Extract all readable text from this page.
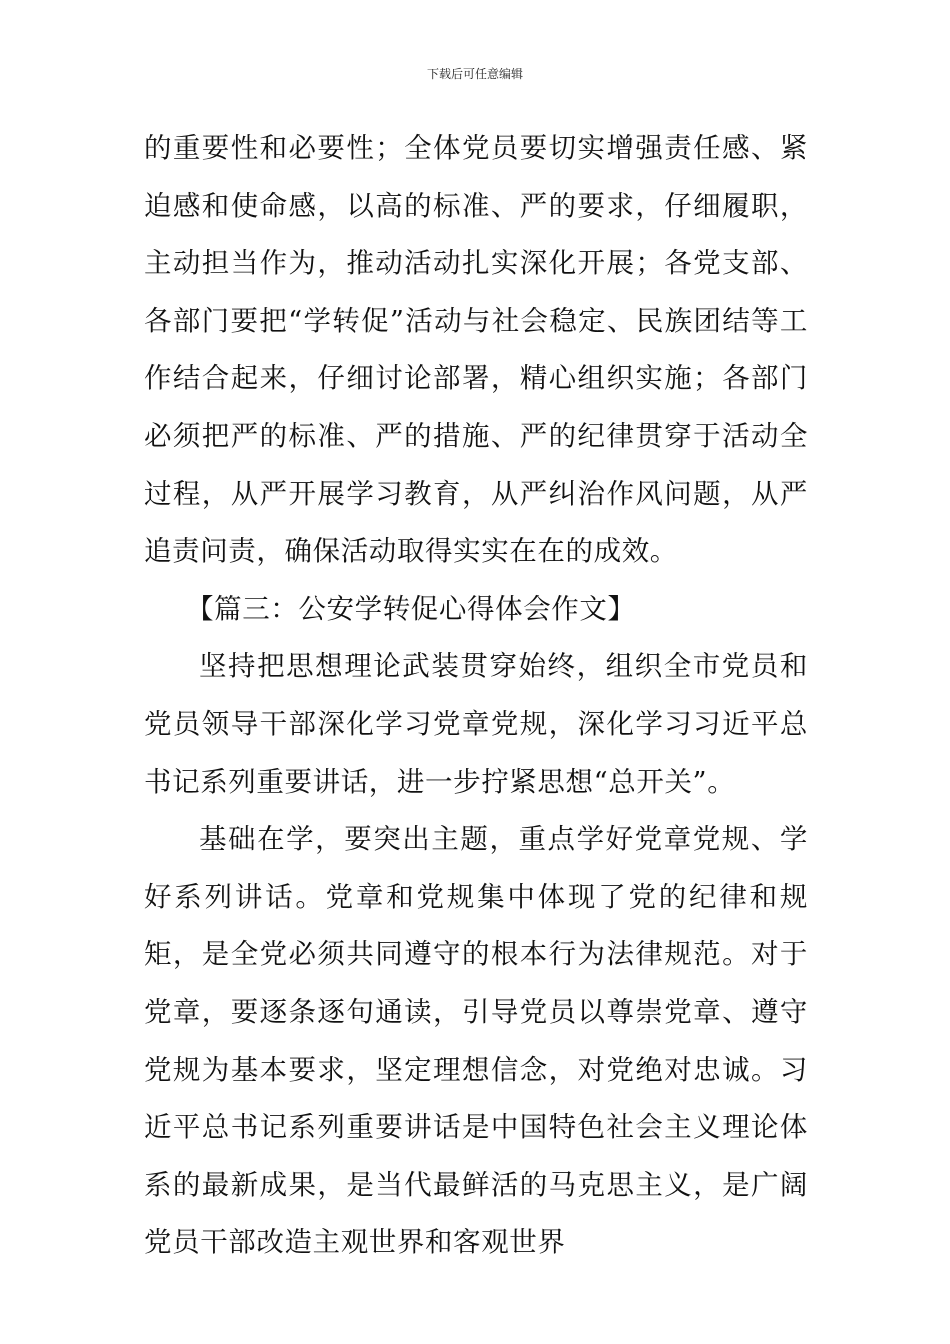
下载后可任意编辑

的重要性和必要性；全体党员要切实增强责任感、紧迫感和使命感，以高的标准、严的要求，仔细履职，主动担当作为，推动活动扎实深化开展；各党支部、各部门要把“学转促”活动与社会稳定、民族团结等工作结合起来，仔细讨论部署，精心组织实施；各部门必须把严的标准、严的措施、严的纪律贯穿于活动全过程，从严开展学习教育，从严纠治作风问题，从严追责问责，确保活动取得实实在在的成效。

【篇三：公安学转促心得体会作文】

坚持把思想理论武装贯穿始终，组织全市党员和党员领导干部深化学习党章党规，深化学习习近平总书记系列重要讲话，进一步拧紧思想“总开关”。

基础在学，要突出主题，重点学好党章党规、学好系列讲话。党章和党规集中体现了党的纪律和规矩，是全党必须共同遵守的根本行为法律规范。对于党章，要逐条逐句通读，引导党员以尊崇党章、遵守党规为基本要求，坚定理想信念，对党绝对忠诚。习近平总书记系列重要讲话是中国特色社会主义理论体系的最新成果，是当代最鲜活的马克思主义，是广阔党员干部改造主观世界和客观世界
